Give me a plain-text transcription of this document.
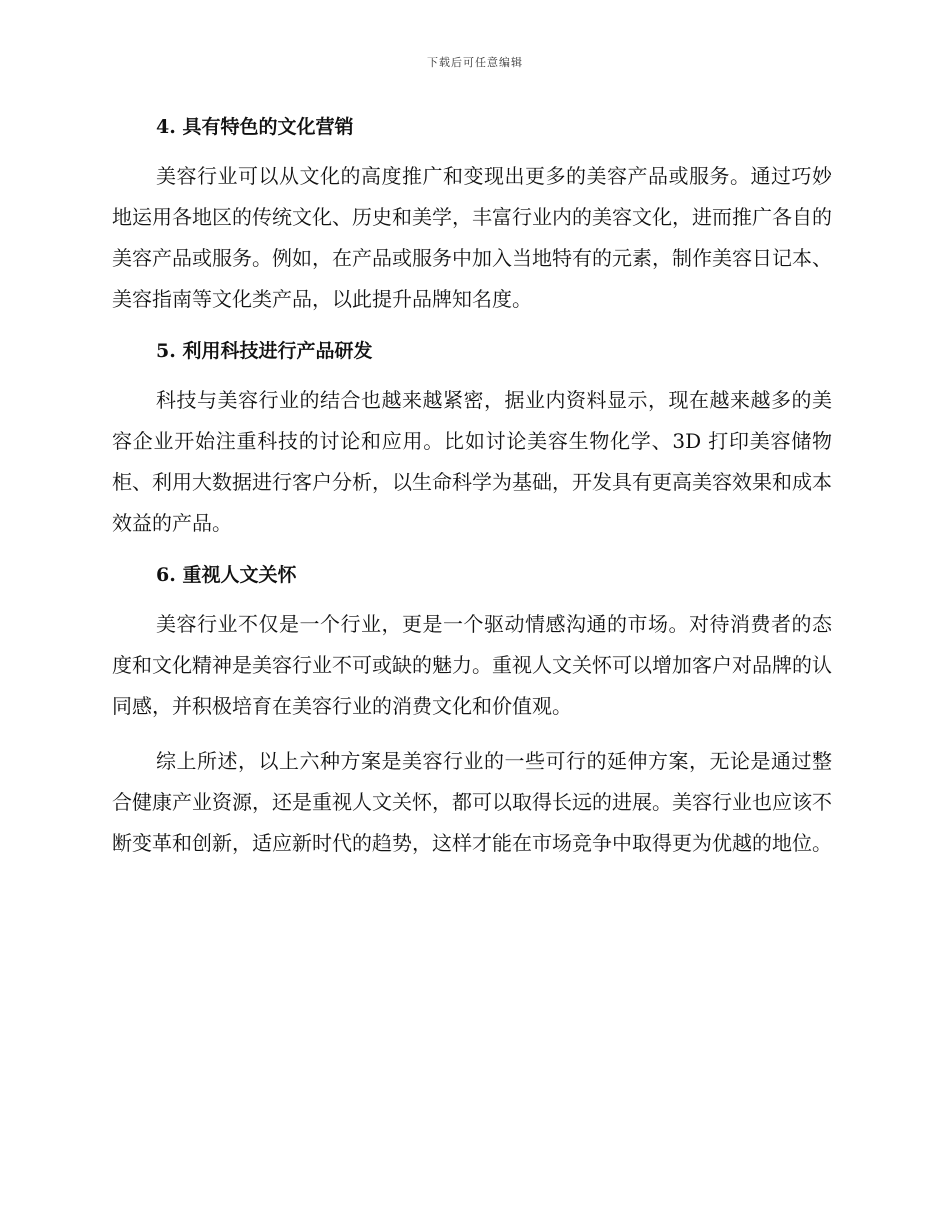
下载后可任意编辑
4. 具有特色的文化营销

美容行业可以从文化的高度推广和变现出更多的美容产品或服务。通过巧妙地运用各地区的传统文化、历史和美学，丰富行业内的美容文化，进而推广各自的美容产品或服务。例如，在产品或服务中加入当地特有的元素，制作美容日记本、美容指南等文化类产品，以此提升品牌知名度。

5. 利用科技进行产品研发

科技与美容行业的结合也越来越紧密，据业内资料显示，现在越来越多的美容企业开始注重科技的讨论和应用。比如讨论美容生物化学、3D 打印美容储物柜、利用大数据进行客户分析，以生命科学为基础，开发具有更高美容效果和成本效益的产品。

6. 重视人文关怀

美容行业不仅是一个行业，更是一个驱动情感沟通的市场。对待消费者的态度和文化精神是美容行业不可或缺的魅力。重视人文关怀可以增加客户对品牌的认同感，并积极培育在美容行业的消费文化和价值观。

综上所述，以上六种方案是美容行业的一些可行的延伸方案，无论是通过整合健康产业资源，还是重视人文关怀，都可以取得长远的进展。美容行业也应该不断变革和创新，适应新时代的趋势，这样才能在市场竞争中取得更为优越的地位。
